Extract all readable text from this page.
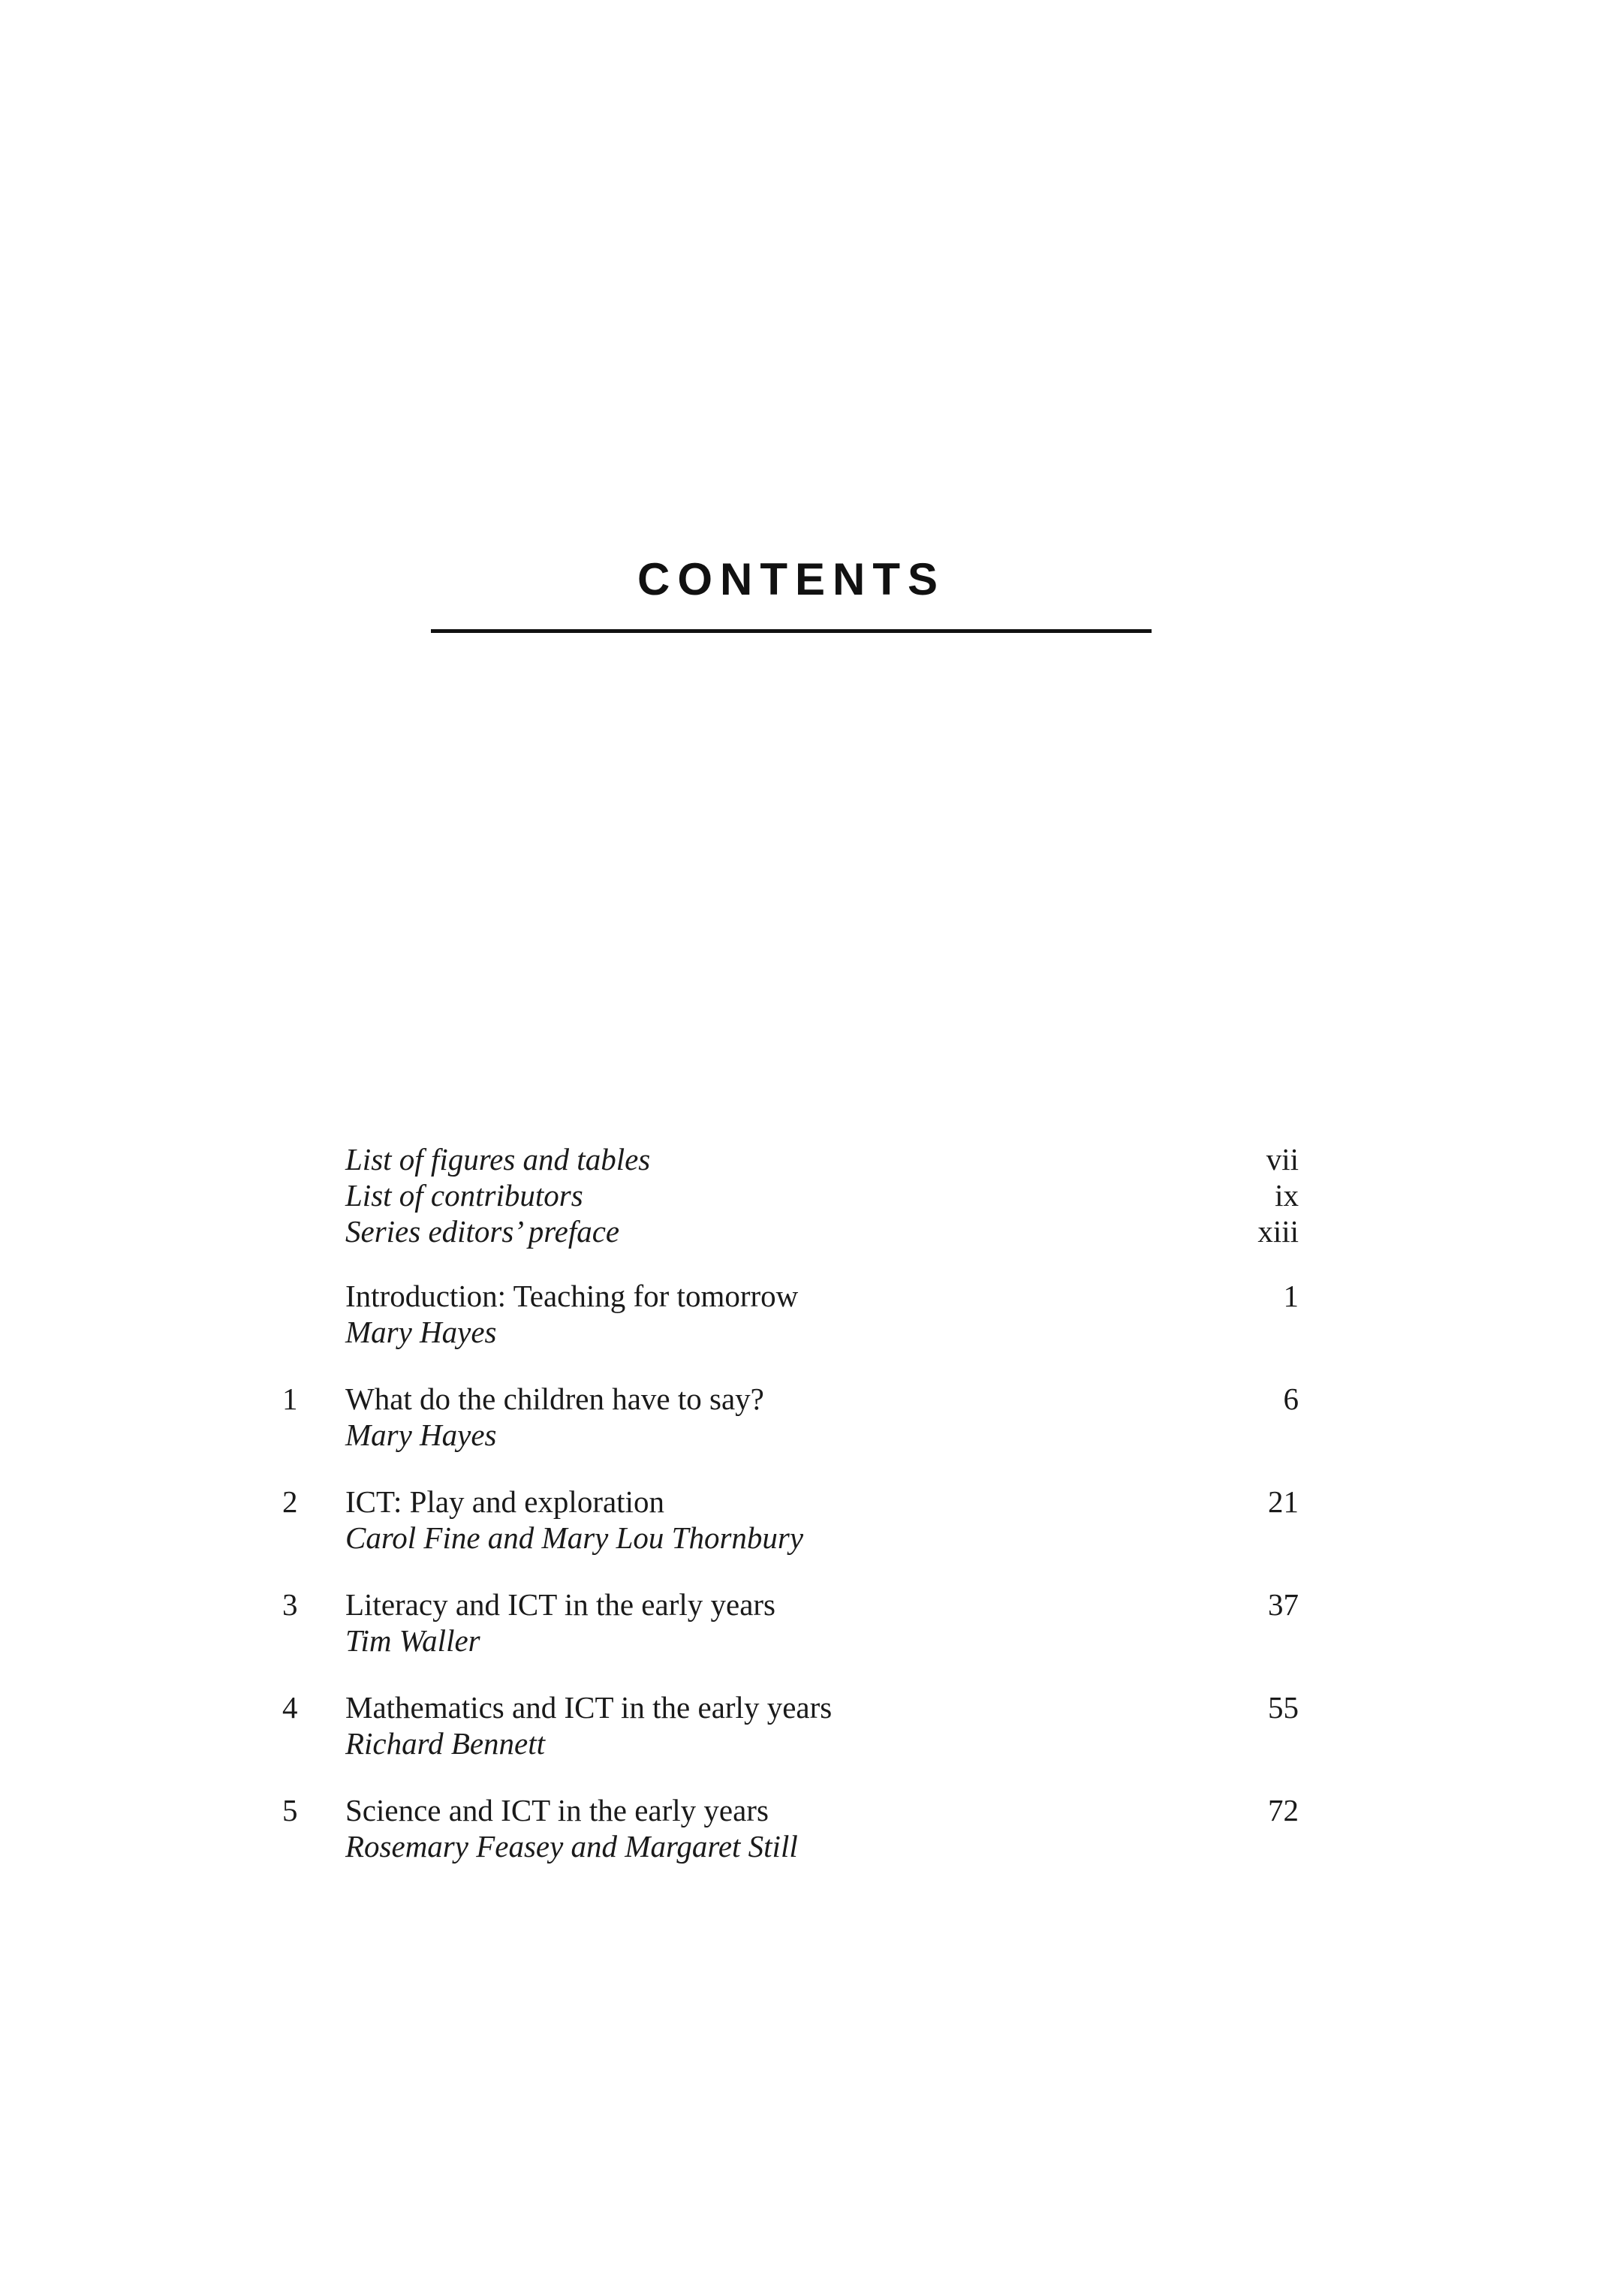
CONTENTS
List of figures and tables	vii
List of contributors	ix
Series editors’ preface	xiii
Introduction: Teaching for tomorrow	1
Mary Hayes
1	What do the children have to say?	6
Mary Hayes
2	ICT: Play and exploration	21
Carol Fine and Mary Lou Thornbury
3	Literacy and ICT in the early years	37
Tim Waller
4	Mathematics and ICT in the early years	55
Richard Bennett
5	Science and ICT in the early years	72
Rosemary Feasey and Margaret Still
